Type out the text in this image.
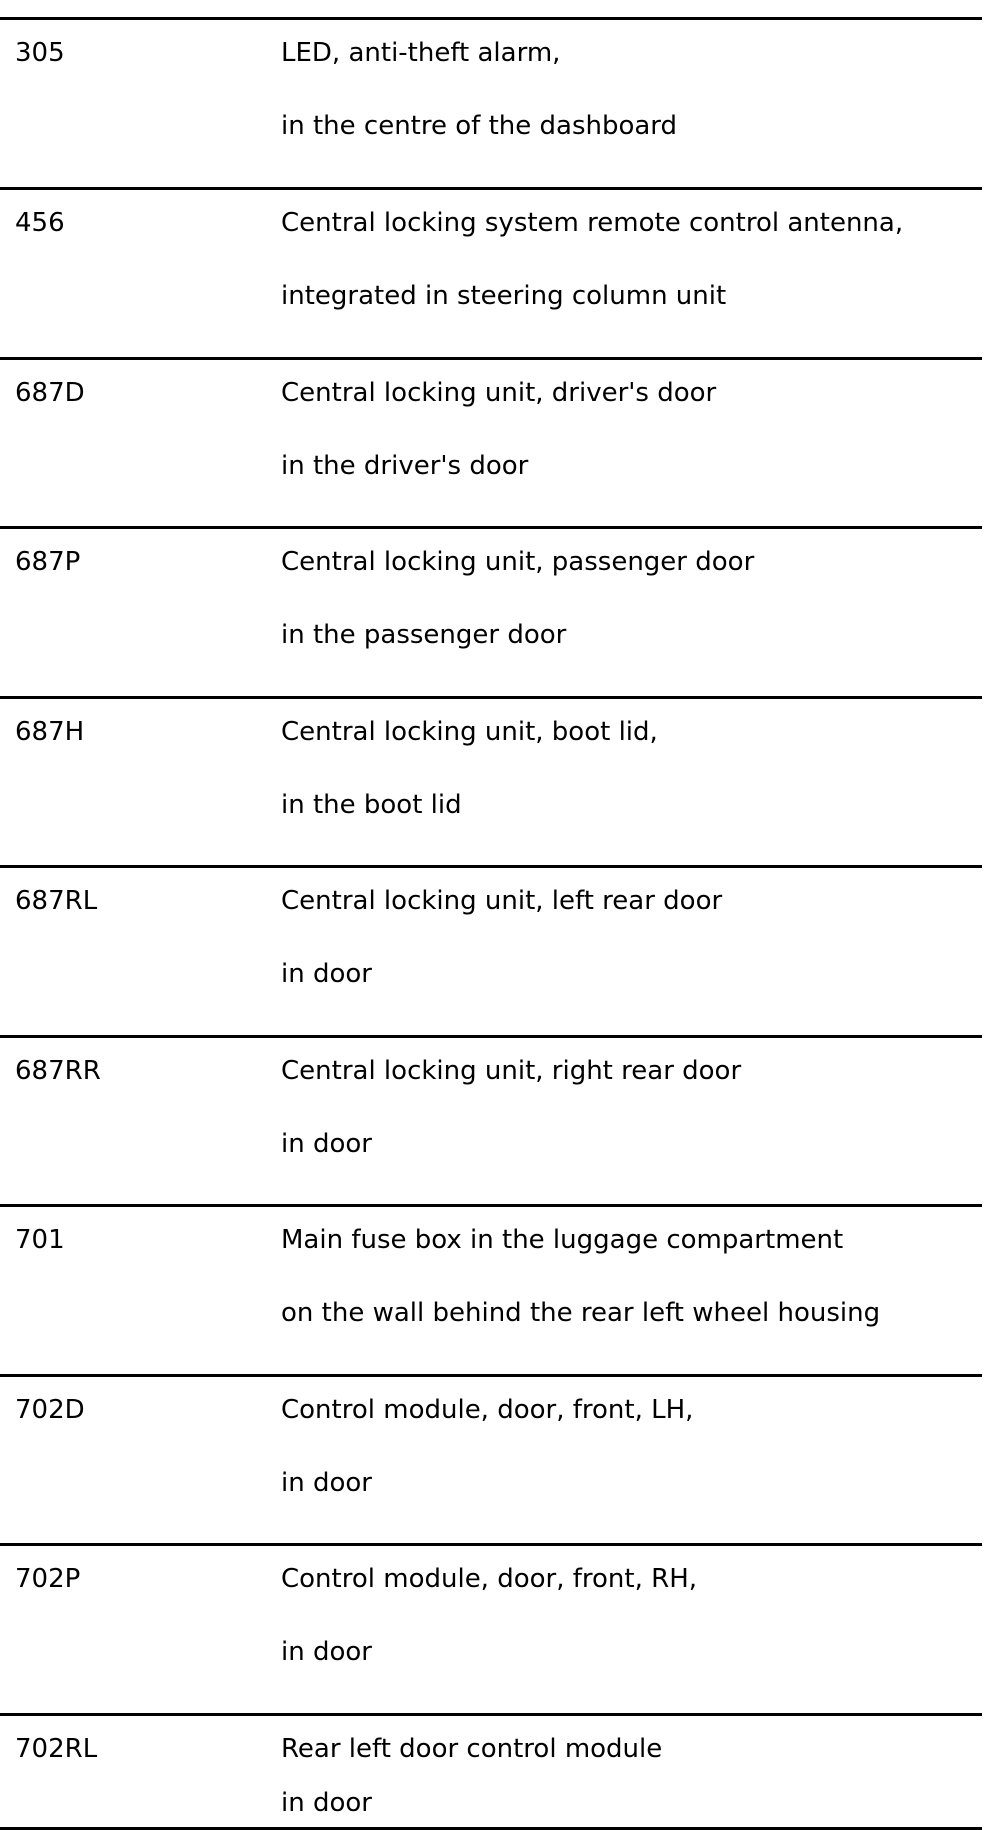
305	LED, anti-theft alarm,
in the centre of the dashboard
456	Central locking system remote control antenna,
integrated in steering column unit
687D	Central locking unit, driver's door
in the driver's door
687P	Central locking unit, passenger door
in the passenger door
687H	Central locking unit, boot lid,
in the boot lid
687RL	Central locking unit, left rear door
in door
687RR	Central locking unit, right rear door
in door
701	Main fuse box in the luggage compartment
on the wall behind the rear left wheel housing
702D	Control module, door, front, LH,
in door
702P	Control module, door, front, RH,
in door
702RL	Rear left door control module
in door
